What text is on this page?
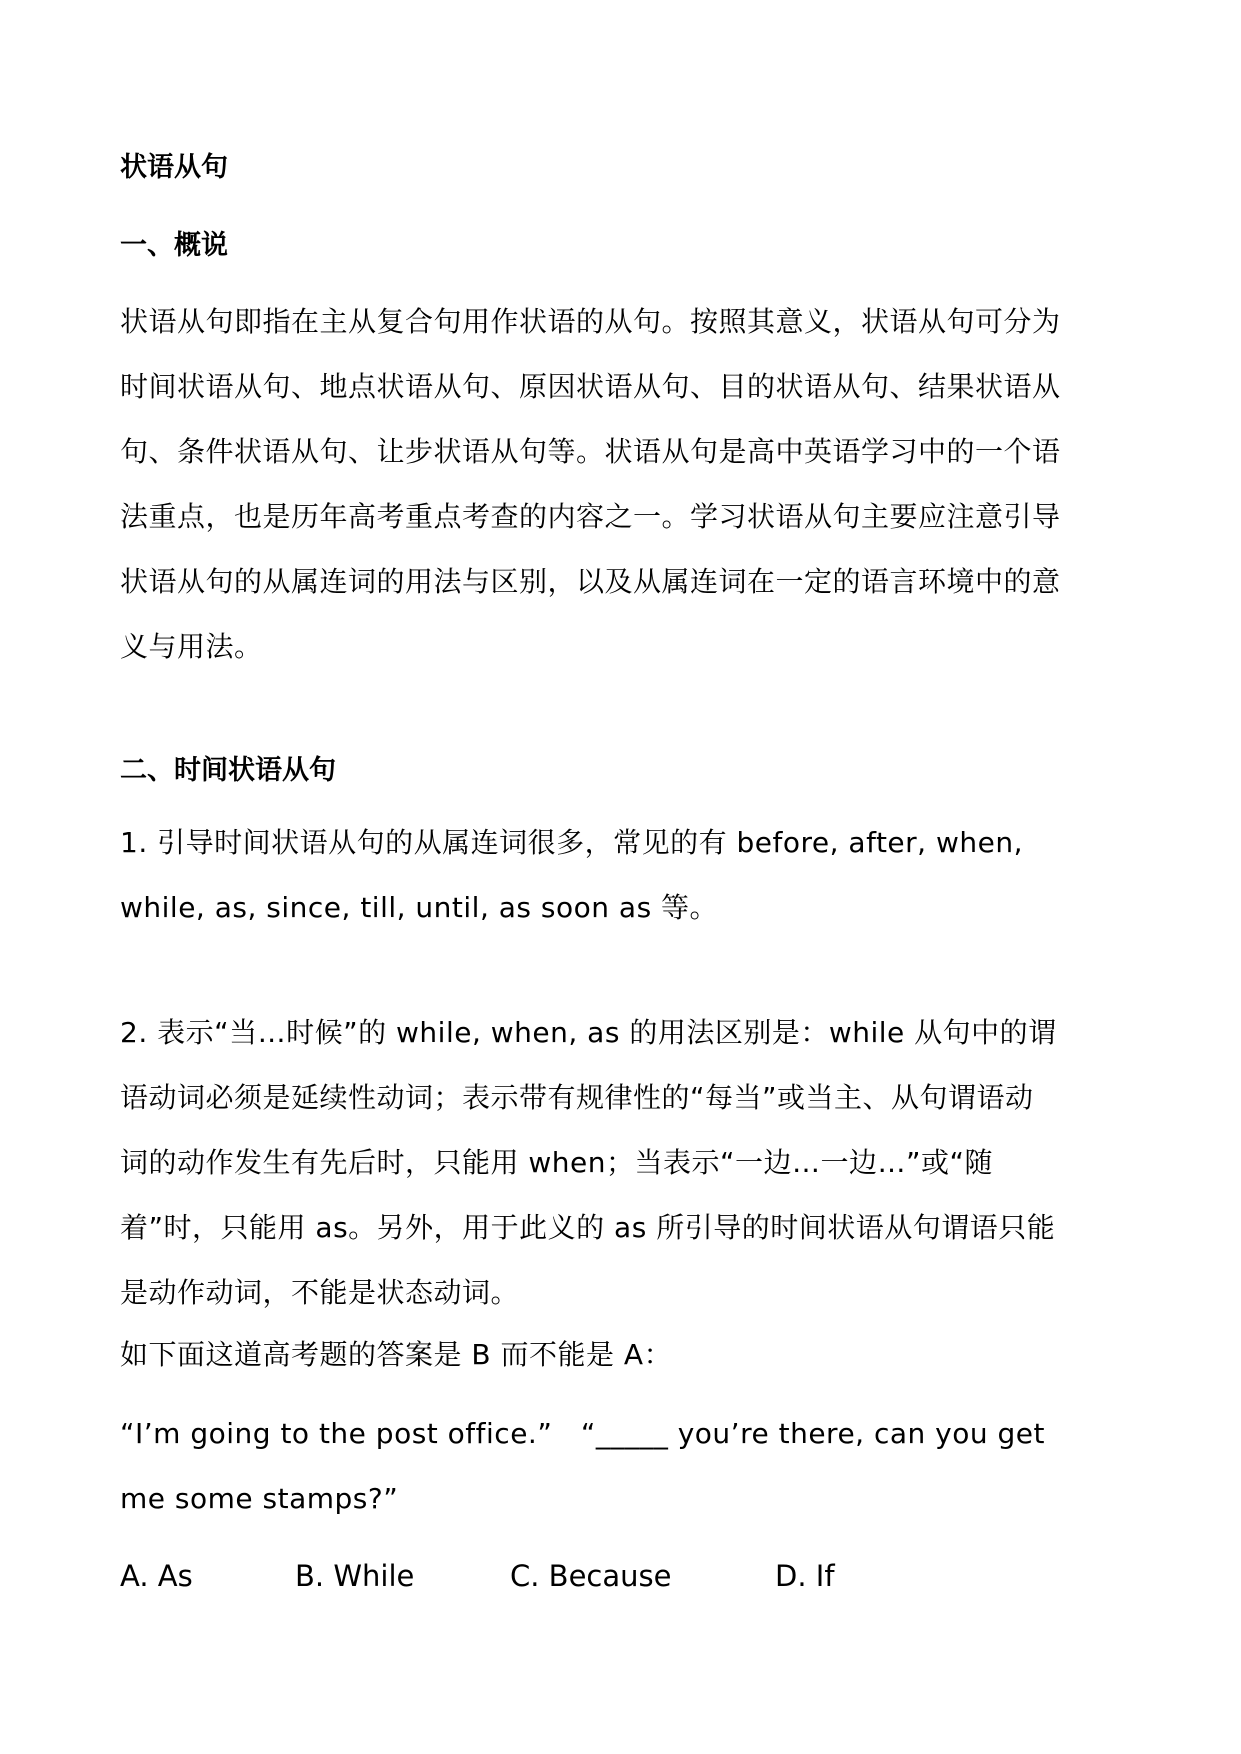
状语从句
一、概说
状语从句即指在主从复合句用作状语的从句。按照其意义，状语从句可分为
时间状语从句、地点状语从句、原因状语从句、目的状语从句、结果状语从
句、条件状语从句、让步状语从句等。状语从句是高中英语学习中的一个语
法重点，也是历年高考重点考查的内容之一。学习状语从句主要应注意引导
状语从句的从属连词的用法与区别，以及从属连词在一定的语言环境中的意
义与用法。
二、时间状语从句
1. 引导时间状语从句的从属连词很多，常见的有 before, after, when,
while, as, since, till, until, as soon as 等。
2. 表示“当…时候”的 while, when, as 的用法区别是：while 从句中的谓
语动词必须是延续性动词；表示带有规律性的“每当”或当主、从句谓语动
词的动作发生有先后时，只能用 when；当表示“一边…一边…”或“随
着”时，只能用 as。另外，用于此义的 as 所引导的时间状语从句谓语只能
是动作动词，不能是状态动词。
如下面这道高考题的答案是 B 而不能是 A：
“I’m going to the post office.”　“_____ you’re there, can you get
me some stamps?”
A. As	B. While	C. Because	D. If
